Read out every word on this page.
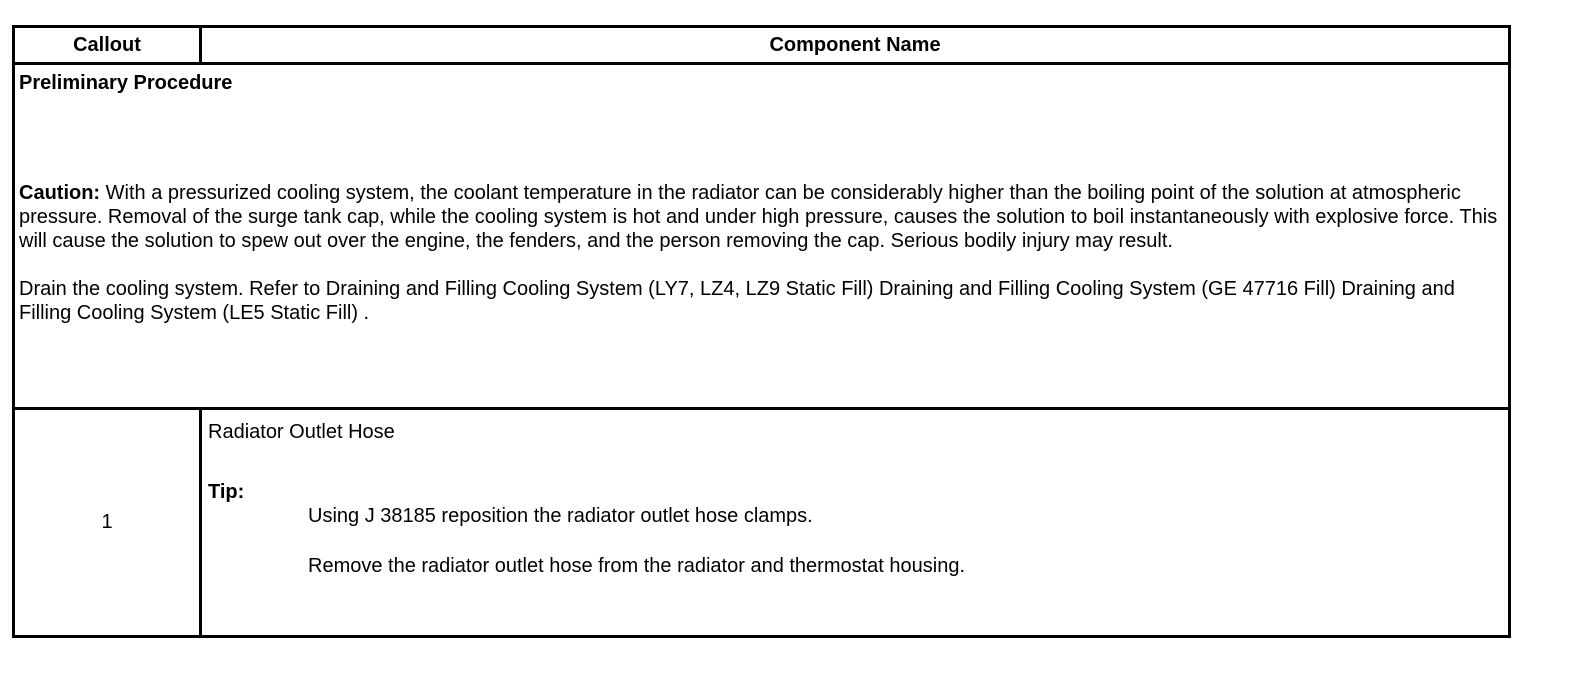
Callout	Component Name

Preliminary Procedure

Caution: With a pressurized cooling system, the coolant temperature in the radiator can be considerably higher than the boiling point of the solution at atmospheric pressure. Removal of the surge tank cap, while the cooling system is hot and under high pressure, causes the solution to boil instantaneously with explosive force. This will cause the solution to spew out over the engine, the fenders, and the person removing the cap. Serious bodily injury may result.

Drain the cooling system. Refer to Draining and Filling Cooling System (LY7, LZ4, LZ9 Static Fill) Draining and Filling Cooling System (GE 47716 Fill) Draining and Filling Cooling System (LE5 Static Fill) .	

1	Radiator Outlet Hose

Tip:

Using J 38185 reposition the radiator outlet hose clamps.

Remove the radiator outlet hose from the radiator and thermostat housing.
